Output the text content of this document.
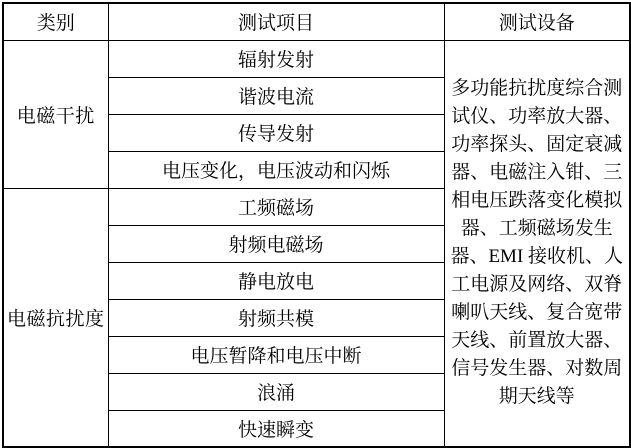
类别	测试项目	测试设备
电磁干扰	辐射发射	多功能抗扰度综合测试仪、功率放大器、功率探头、固定衰减器、电磁注入钳、三相电压跌落变化模拟器、工频磁场发生器、EMI 接收机、人工电源及网络、双脊喇叭天线、复合宽带天线、前置放大器、信号发生器、对数周期天线等
	谐波电流	
	传导发射	
	电压变化，电压波动和闪烁	
电磁抗扰度	工频磁场	
	射频电磁场	
	静电放电	
	射频共模	
	电压暂降和电压中断	
	浪涌	
	快速瞬变	
